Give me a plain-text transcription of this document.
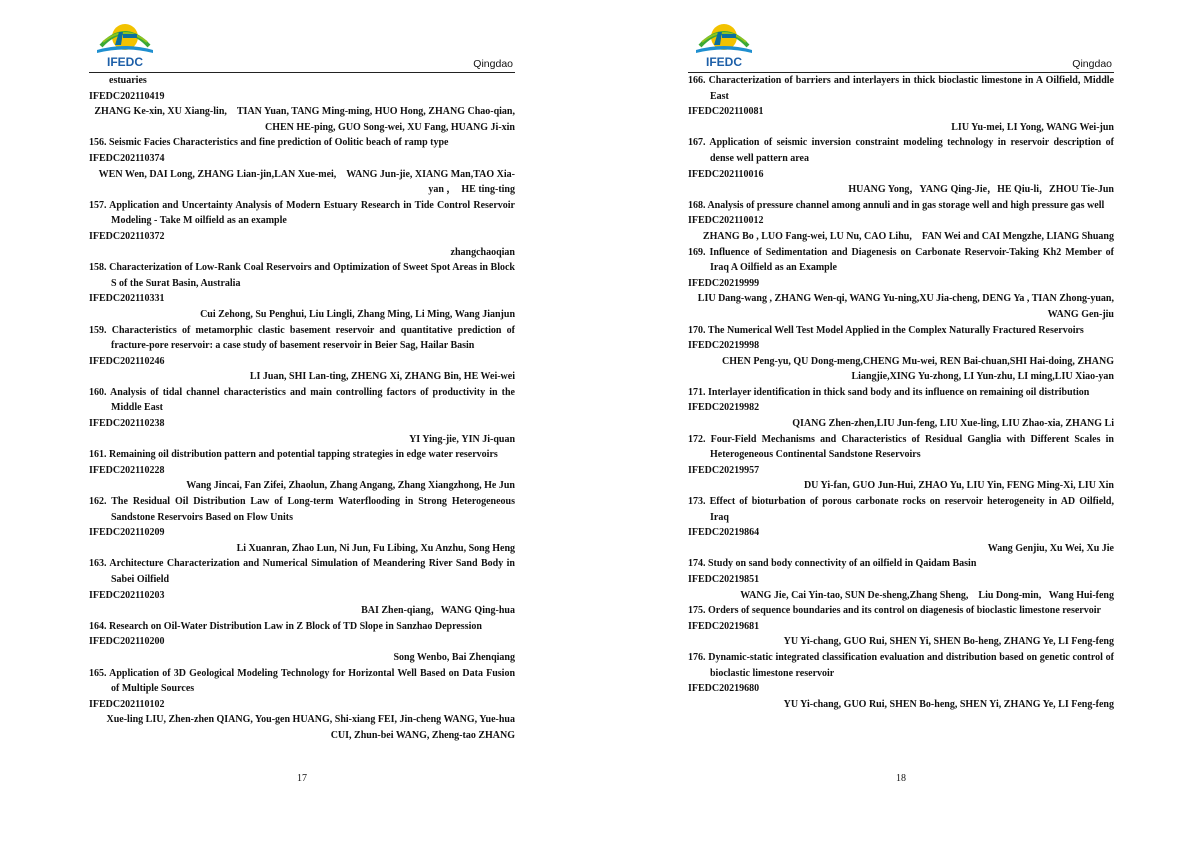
IFEDC	Qingdao
estuaries
IFEDC202110419
ZHANG Ke-xin, XU Xiang-lin,    TIAN Yuan, TANG Ming-ming, HUO Hong, ZHANG Chao-qian, CHEN HE-ping, GUO Song-wei, XU Fang, HUANG Ji-xin
156. Seismic Facies Characteristics and fine prediction of Oolitic beach of ramp type
IFEDC202110374
WEN Wen, DAI Long, ZHANG Lian-jin,LAN Xue-mei,    WANG Jun-jie, XIANG Man,TAO Xia-yan ，  HE ting-ting
157. Application and Uncertainty Analysis of Modern Estuary Research in Tide Control Reservoir Modeling - Take M oilfield as an example
IFEDC202110372
zhangchaoqian
158. Characterization of Low-Rank Coal Reservoirs and Optimization of Sweet Spot Areas in Block S of the Surat Basin, Australia
IFEDC202110331
Cui Zehong, Su Penghui, Liu Lingli, Zhang Ming, Li Ming, Wang Jianjun
159. Characteristics of metamorphic clastic basement reservoir and quantitative prediction of fracture-pore reservoir: a case study of basement reservoir in Beier Sag, Hailar Basin
IFEDC202110246
LI Juan, SHI Lan-ting, ZHENG Xi, ZHANG Bin, HE Wei-wei
160. Analysis of tidal channel characteristics and main controlling factors of productivity in the Middle East
IFEDC202110238
YI Ying-jie, YIN Ji-quan
161. Remaining oil distribution pattern and potential tapping strategies in edge water reservoirs
IFEDC202110228
Wang Jincai, Fan Zifei, Zhaolun, Zhang Angang, Zhang Xiangzhong, He Jun
162. The Residual Oil Distribution Law of Long-term Waterflooding in Strong Heterogeneous Sandstone Reservoirs Based on Flow Units
IFEDC202110209
Li Xuanran, Zhao Lun, Ni Jun, Fu Libing, Xu Anzhu, Song Heng
163. Architecture Characterization and Numerical Simulation of Meandering River Sand Body in Sabei Oilfield
IFEDC202110203
BAI Zhen-qiang，WANG Qing-hua
164. Research on Oil-Water Distribution Law in Z Block of TD Slope in Sanzhao Depression
IFEDC202110200
Song Wenbo, Bai Zhenqiang
165. Application of 3D Geological Modeling Technology for Horizontal Well Based on Data Fusion of Multiple Sources
IFEDC202110102
Xue-ling LIU, Zhen-zhen QIANG, You-gen HUANG, Shi-xiang FEI, Jin-cheng WANG, Yue-hua CUI, Zhun-bei WANG, Zheng-tao ZHANG
17
IFEDC	Qingdao
166. Characterization of barriers and interlayers in thick bioclastic limestone in A Oilfield, Middle East
IFEDC202110081
LIU Yu-mei, LI Yong, WANG Wei-jun
167. Application of seismic inversion constraint modeling technology in reservoir description of dense well pattern area
IFEDC202110016
HUANG Yong，YANG Qing-Jie，HE Qiu-li，ZHOU Tie-Jun
168. Analysis of pressure channel among annuli and in gas storage well and high pressure gas well
IFEDC202110012
ZHANG Bo , LUO Fang-wei, LU Nu, CAO Lihu,    FAN Wei and CAI Mengzhe, LIANG Shuang
169. Influence of Sedimentation and Diagenesis on Carbonate Reservoir-Taking Kh2 Member of Iraq A Oilfield as an Example
IFEDC20219999
LIU Dang-wang , ZHANG Wen-qi, WANG Yu-ning,XU Jia-cheng, DENG Ya , TIAN Zhong-yuan, WANG Gen-jiu
170. The Numerical Well Test Model Applied in the Complex Naturally Fractured Reservoirs
IFEDC20219998
CHEN Peng-yu, QU Dong-meng,CHENG Mu-wei, REN Bai-chuan,SHI Hai-doing, ZHANG Liangjie,XING Yu-zhong, LI Yun-zhu, LI ming,LIU Xiao-yan
171. Interlayer identification in thick sand body and its influence on remaining oil distribution
IFEDC20219982
QIANG Zhen-zhen,LIU Jun-feng, LIU Xue-ling, LIU Zhao-xia, ZHANG Li
172. Four-Field Mechanisms and Characteristics of Residual Ganglia with Different Scales in Heterogeneous Continental Sandstone Reservoirs
IFEDC20219957
DU Yi-fan, GUO Jun-Hui, ZHAO Yu, LIU Yin, FENG Ming-Xi, LIU Xin
173. Effect of bioturbation of porous carbonate rocks on reservoir heterogeneity in AD Oilfield, Iraq
IFEDC20219864
Wang Genjiu, Xu Wei, Xu Jie
174. Study on sand body connectivity of an oilfield in Qaidam Basin
IFEDC20219851
WANG Jie, Cai Yin-tao, SUN De-sheng,Zhang Sheng,    Liu Dong-min,   Wang Hui-feng
175. Orders of sequence boundaries and its control on diagenesis of bioclastic limestone reservoir
IFEDC20219681
YU Yi-chang, GUO Rui, SHEN Yi, SHEN Bo-heng, ZHANG Ye, LI Feng-feng
176. Dynamic-static integrated classification evaluation and distribution based on genetic control of bioclastic limestone reservoir
IFEDC20219680
YU Yi-chang, GUO Rui, SHEN Bo-heng, SHEN Yi, ZHANG Ye, LI Feng-feng
18
